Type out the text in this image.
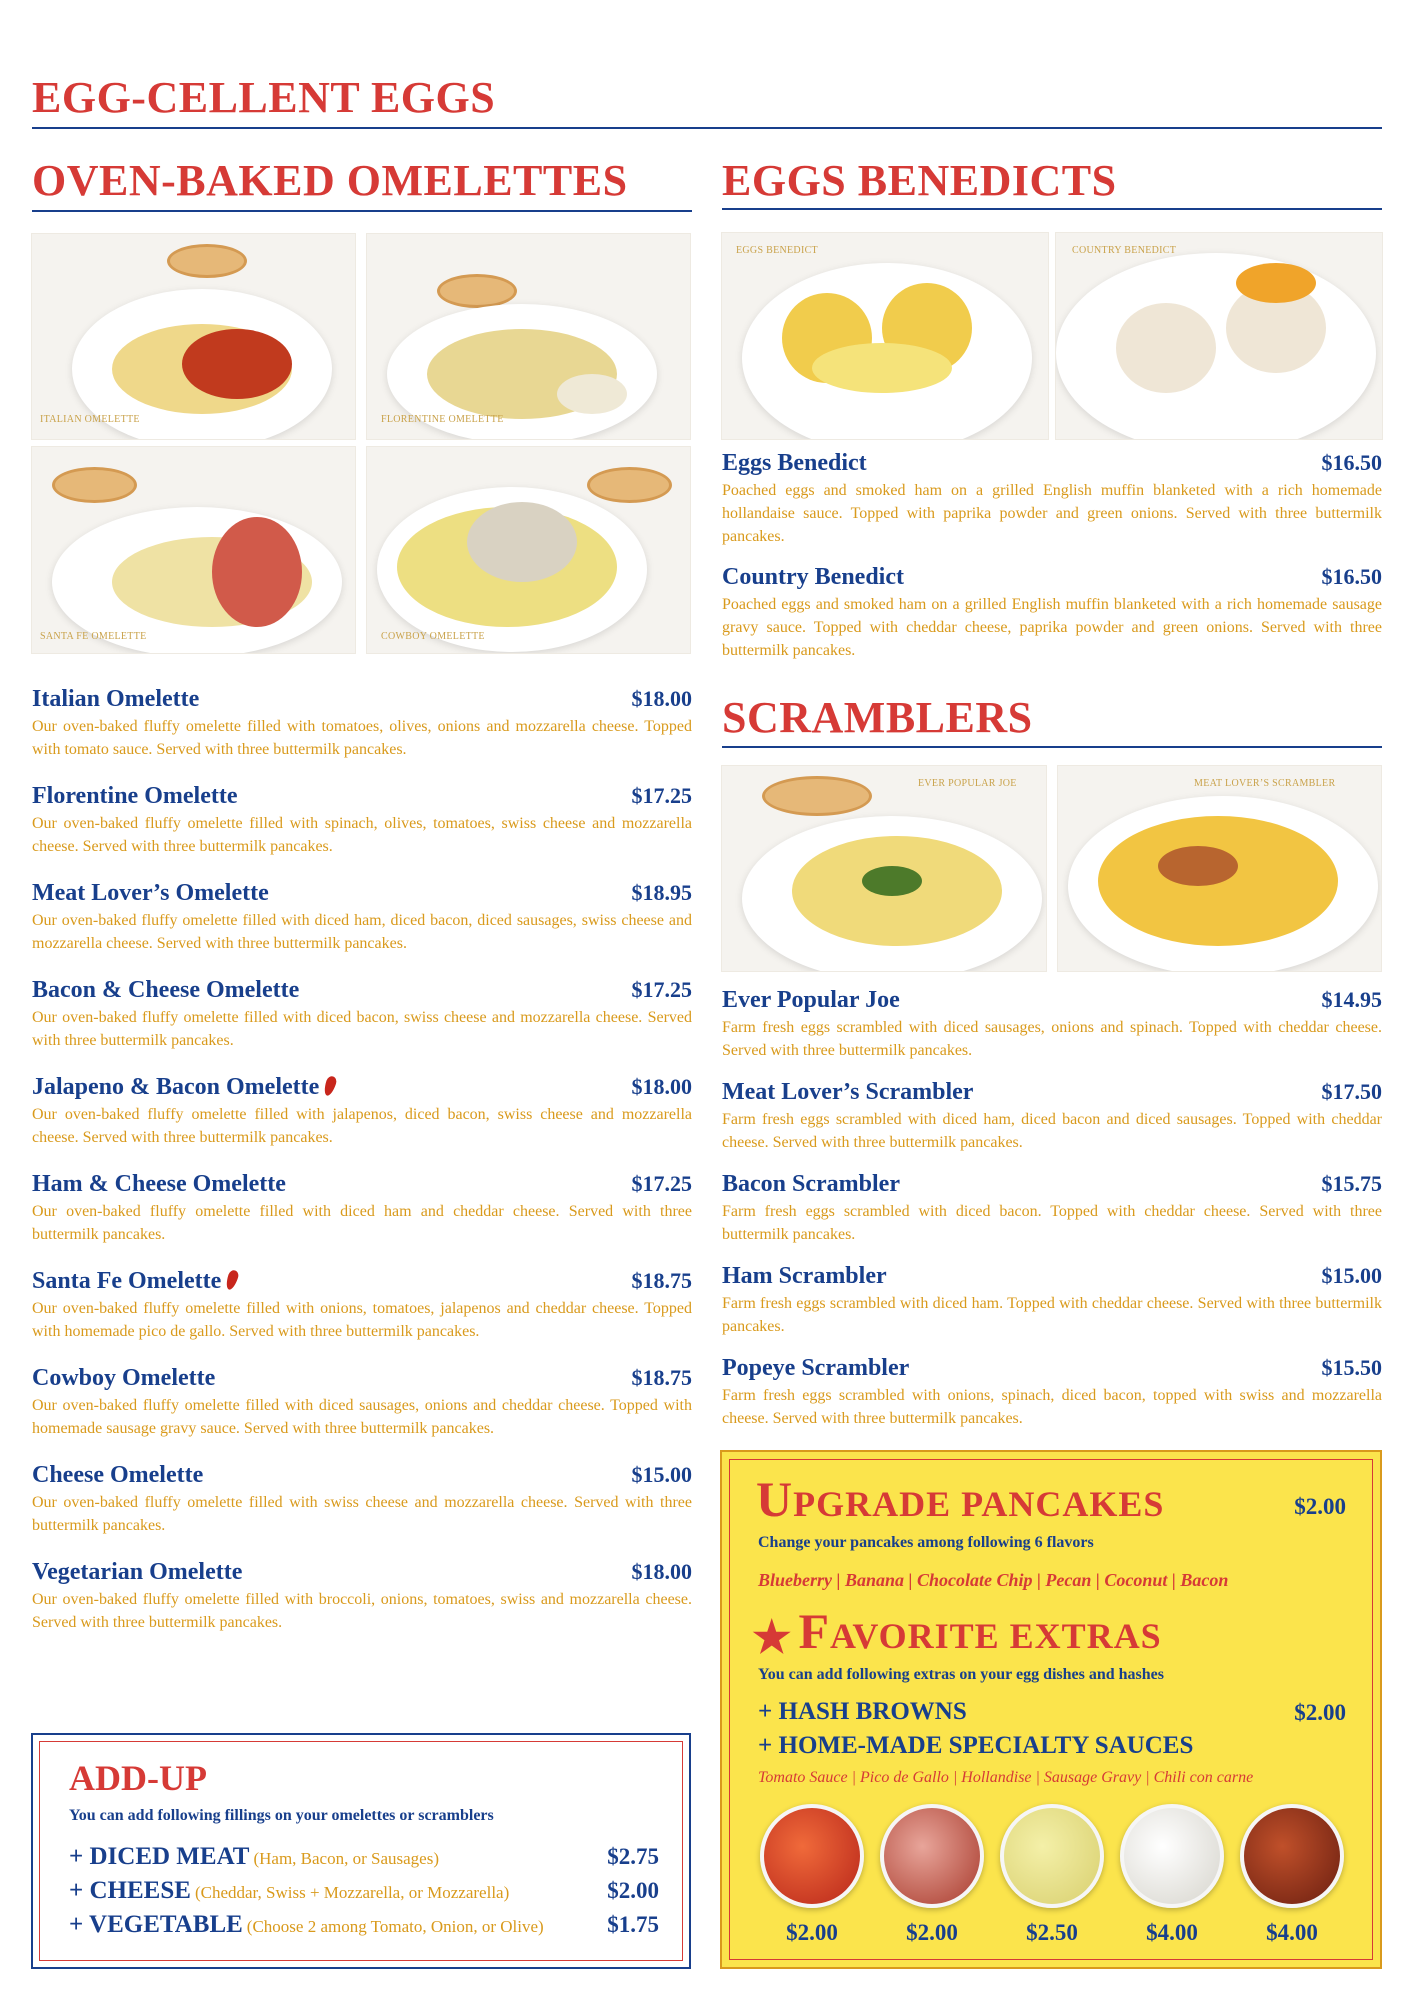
EGG-CELLENT EGGS
OVEN-BAKED OMELETTES EGGS BENEDICTS
SCRAMBLERS
ITALIAN OMELETTE	FLORENTINE OMELETTE
SANTA FE OMELETTE	COWBOY OMELETTE
EGGS BENEDICT	COUNTRY BENEDICT
EVER POPULAR JOE	MEAT LOVER’S SCRAMBLER
Italian Omelette	$18.00
Our oven-baked fluffy omelette filled with tomatoes, olives, onions and mozzarella cheese. Topped with tomato sauce. Served with three buttermilk pancakes.
Florentine Omelette	$17.25
Our oven-baked fluffy omelette filled with spinach, olives, tomatoes, swiss cheese and mozzarella cheese. Served with three buttermilk pancakes.
Meat Lover’s Omelette	$18.95
Our oven-baked fluffy omelette filled with diced ham, diced bacon, diced sausages, swiss cheese and mozzarella cheese. Served with three buttermilk pancakes.
Bacon & Cheese Omelette	$17.25
Our oven-baked fluffy omelette filled with diced bacon, swiss cheese and mozzarella cheese. Served with three buttermilk pancakes.
Jalapeno & Bacon Omelette	$18.00
Our oven-baked fluffy omelette filled with jalapenos, diced bacon, swiss cheese and mozzarella cheese. Served with three buttermilk pancakes.
Ham & Cheese Omelette	$17.25
Our oven-baked fluffy omelette filled with diced ham and cheddar cheese. Served with three buttermilk pancakes.
Santa Fe Omelette	$18.75
Our oven-baked fluffy omelette filled with onions, tomatoes, jalapenos and cheddar cheese. Topped with homemade pico de gallo. Served with three buttermilk pancakes.
Cowboy Omelette	$18.75
Our oven-baked fluffy omelette filled with diced sausages, onions and cheddar cheese. Topped with homemade sausage gravy sauce. Served with three buttermilk pancakes.
Cheese Omelette	$15.00
Our oven-baked fluffy omelette filled with swiss cheese and mozzarella cheese. Served with three buttermilk pancakes.
Vegetarian Omelette	$18.00
Our oven-baked fluffy omelette filled with broccoli, onions, tomatoes, swiss and mozzarella cheese. Served with three buttermilk pancakes.
Eggs Benedict	$16.50
Poached eggs and smoked ham on a grilled English muffin blanketed with a rich homemade hollandaise sauce. Topped with paprika powder and green onions. Served with three buttermilk pancakes.
Country Benedict	$16.50
Poached eggs and smoked ham on a grilled English muffin blanketed with a rich homemade sausage gravy sauce. Topped with cheddar cheese, paprika powder and green onions. Served with three buttermilk pancakes.
Ever Popular Joe	$14.95
Farm fresh eggs scrambled with diced sausages, onions and spinach. Topped with cheddar cheese. Served with three buttermilk pancakes.
Meat Lover’s Scrambler	$17.50
Farm fresh eggs scrambled with diced ham, diced bacon and diced sausages. Topped with cheddar cheese. Served with three buttermilk pancakes.
Bacon Scrambler	$15.75
Farm fresh eggs scrambled with diced bacon. Topped with cheddar cheese. Served with three buttermilk pancakes.
Ham Scrambler	$15.00
Farm fresh eggs scrambled with diced ham. Topped with cheddar cheese. Served with three buttermilk pancakes.
Popeye Scrambler	$15.50
Farm fresh eggs scrambled with onions, spinach, diced bacon, topped with swiss and mozzarella cheese. Served with three buttermilk pancakes.
ADD-UP
You can add following fillings on your omelettes or scramblers
+ DICED MEAT (Ham, Bacon, or Sausages)	$2.75
+ CHEESE (Cheddar, Swiss + Mozzarella, or Mozzarella)	$2.00
+ VEGETABLE (Choose 2 among Tomato, Onion, or Olive)	$1.75
UPGRADE PANCAKES	$2.00
Change your pancakes among following 6 flavors
Blueberry | Banana | Chocolate Chip | Pecan | Coconut | Bacon
★ FAVORITE EXTRAS
You can add following extras on your egg dishes and hashes
+ HASH BROWNS	$2.00
+ HOME-MADE SPECIALTY SAUCES
Tomato Sauce | Pico de Gallo | Hollandise | Sausage Gravy | Chili con carne
$2.00	$2.00	$2.50	$4.00	$4.00
